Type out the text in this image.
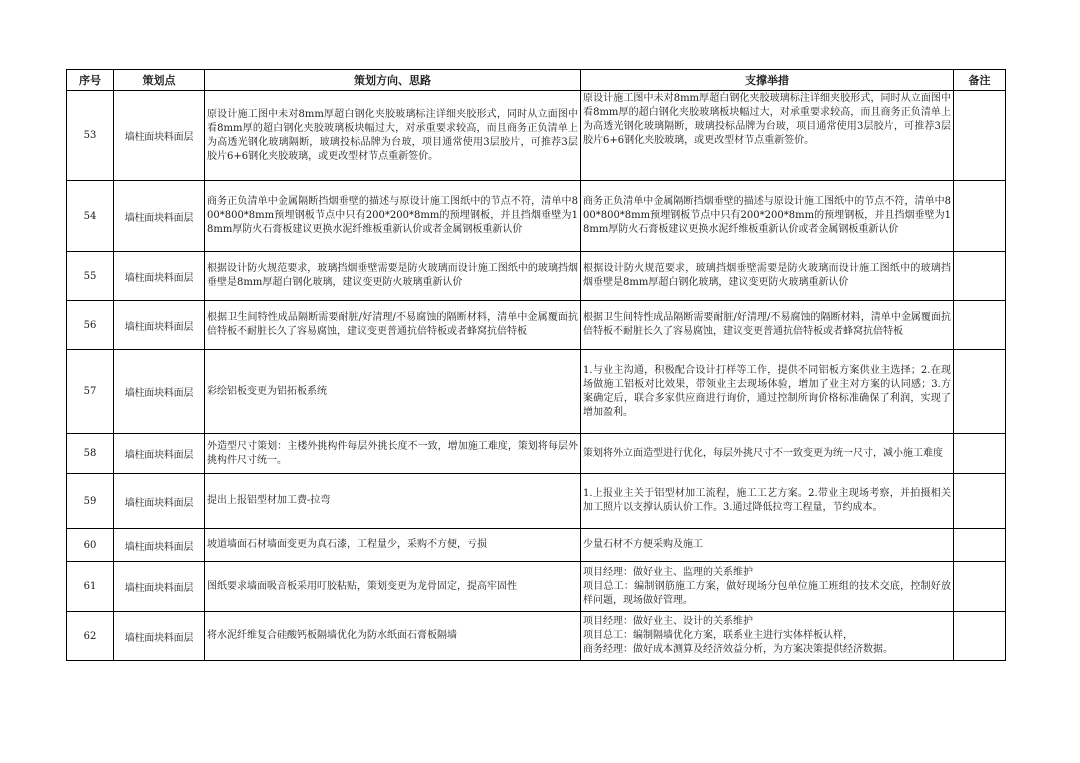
序号	策划点	策划方向、思路	支撑举措	备注
53	墙柱面块料面层	原设计施工图中未对8mm厚超白钢化夹胶玻璃标注详细夹胶形式，同时从立面图中看8mm厚的超白钢化夹胶玻璃板块幅过大，对承重要求较高，而且商务正负清单上为高透光钢化玻璃隔断，玻璃投标品牌为台玻，项目通常使用3层胶片，可推荐3层胶片6+6钢化夹胶玻璃，或更改型材节点重新签价。	原设计施工图中未对8mm厚超白钢化夹胶玻璃标注详细夹胶形式，同时从立面图中看8mm厚的超白钢化夹胶玻璃板块幅过大，对承重要求较高，而且商务正负清单上为高透光钢化玻璃隔断，玻璃投标品牌为台玻，项目通常使用3层胶片，可推荐3层胶片6+6钢化夹胶玻璃，或更改型材节点重新签价。	
54	墙柱面块料面层	商务正负清单中金属隔断挡烟垂壁的描述与原设计施工图纸中的节点不符，清单中800*800*8mm预埋钢板节点中只有200*200*8mm的预埋钢板，并且挡烟垂壁为18mm厚防火石膏板建议更换水泥纤维板重新认价或者金属钢板重新认价	商务正负清单中金属隔断挡烟垂壁的描述与原设计施工图纸中的节点不符，清单中800*800*8mm预埋钢板节点中只有200*200*8mm的预埋钢板，并且挡烟垂壁为18mm厚防火石膏板建议更换水泥纤维板重新认价或者金属钢板重新认价	
55	墙柱面块料面层	根据设计防火规范要求，玻璃挡烟垂壁需要是防火玻璃而设计施工图纸中的玻璃挡烟垂壁是8mm厚超白钢化玻璃，建议变更防火玻璃重新认价	根据设计防火规范要求，玻璃挡烟垂壁需要是防火玻璃而设计施工图纸中的玻璃挡烟垂壁是8mm厚超白钢化玻璃，建议变更防火玻璃重新认价	
56	墙柱面块料面层	根据卫生间特性成品隔断需要耐脏/好清理/不易腐蚀的隔断材料，清单中金属覆面抗倍特板不耐脏长久了容易腐蚀，建议变更普通抗倍特板或者蜂窝抗倍特板	根据卫生间特性成品隔断需要耐脏/好清理/不易腐蚀的隔断材料，清单中金属覆面抗倍特板不耐脏长久了容易腐蚀，建议变更普通抗倍特板或者蜂窝抗倍特板	
57	墙柱面块料面层	彩绘铝板变更为铝拓板系统	1.与业主沟通，积极配合设计打样等工作，提供不同铝板方案供业主选择；2.在现场做施工铝板对比效果，带领业主去现场体验，增加了业主对方案的认同感；3.方案确定后，联合多家供应商进行询价，通过控制所询价格标准确保了利润，实现了增加盈利。	
58	墙柱面块料面层	外造型尺寸策划：主楼外挑构件每层外挑长度不一致，增加施工难度，策划将每层外挑构件尺寸统一。	策划将外立面造型进行优化，每层外挑尺寸不一致变更为统一尺寸，减小施工难度	
59	墙柱面块料面层	提出上报铝型材加工费-拉弯	1.上报业主关于铝型材加工流程，施工工艺方案。2.带业主现场考察，并拍摄相关加工照片以支撑认质认价工作。3.通过降低拉弯工程量，节约成本。	
60	墙柱面块料面层	坡道墙面石材墙面变更为真石漆，工程量少，采购不方便，亏损	少量石材不方便采购及施工	
61	墙柱面块料面层	图纸要求墙面吸音板采用叮胶粘贴，策划变更为龙骨固定，提高牢固性	项目经理：做好业主、监理的关系维护
项目总工：编制钢筋施工方案，做好现场分包单位施工班组的技术交底，控制好放样问题，现场做好管理。	

62	墙柱面块料面层	将水泥纤维复合硅酸钙板隔墙优化为防水纸面石膏板隔墙	项目经理：做好业主、设计的关系维护
项目总工：编制隔墙优化方案，联系业主进行实体样板认样，
商务经理：做好成本测算及经济效益分析，为方案决策提供经济数据。	
